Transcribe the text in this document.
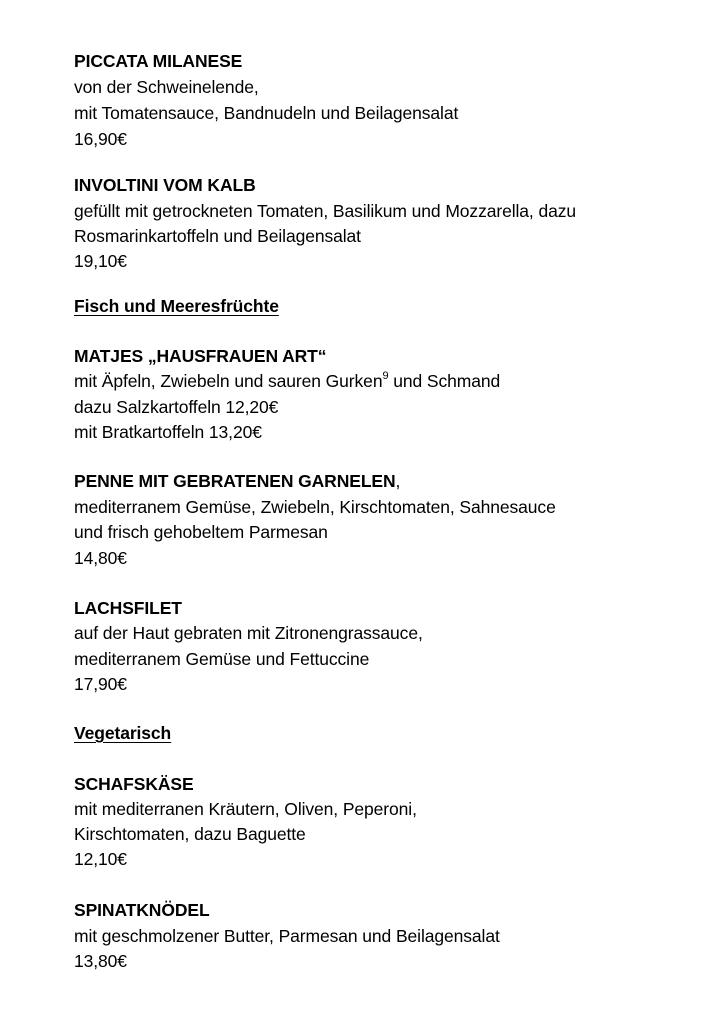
PICCATA MILANESE
von der Schweinelende,
mit Tomatensauce, Bandnudeln und Beilagensalat
16,90€
INVOLTINI VOM KALB
gefüllt mit getrockneten Tomaten, Basilikum und Mozzarella, dazu
Rosmarinkartoffeln und Beilagensalat
19,10€
Fisch und Meeresfrüchte
MATJES „HAUSFRAUEN ART“
mit Äpfeln, Zwiebeln und sauren Gurken$^9$ und Schmand
dazu Salzkartoffeln 12,20€
mit Bratkartoffeln 13,20€
PENNE MIT GEBRATENEN GARNELEN,
mediterranem Gemüse, Zwiebeln, Kirschtomaten, Sahnesauce
und frisch gehobeltem Parmesan
14,80€
LACHSFILET
auf der Haut gebraten mit Zitronengrassauce,
mediterranem Gemüse und Fettuccine
17,90€
Vegetarisch
SCHAFSKÄSE
mit mediterranen Kräutern, Oliven, Peperoni,
Kirschtomaten, dazu Baguette
12,10€
SPINATKNÖDEL
mit geschmolzener Butter, Parmesan und Beilagensalat
13,80€
